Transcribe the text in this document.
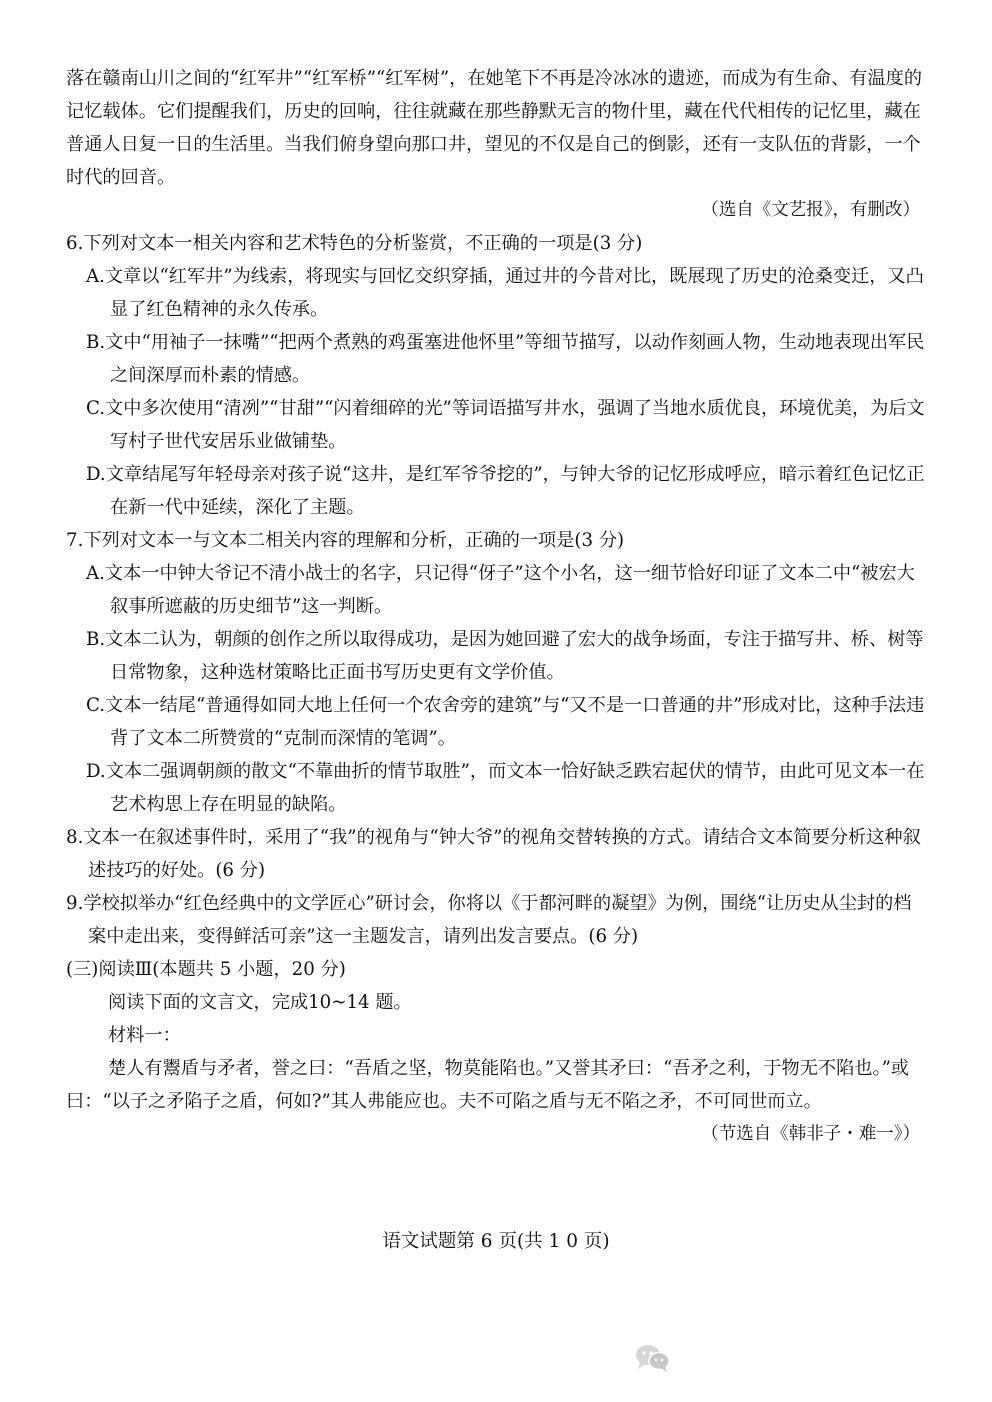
落在赣南山川之间的“红军井”“红军桥”“红军树”，在她笔下不再是冷冰冰的遗迹，而成为有生命、有温度的记忆载体。它们提醒我们，历史的回响，往往就藏在那些静默无言的物什里，藏在代代相传的记忆里，藏在普通人日复一日的生活里。当我们俯身望向那口井，望见的不仅是自己的倒影，还有一支队伍的背影，一个时代的回音。

（选自《文艺报》，有删改）

6.下列对文本一相关内容和艺术特色的分析鉴赏，不正确的一项是(3 分)

A.文章以“红军井”为线索，将现实与回忆交织穿插，通过井的今昔对比，既展现了历史的沧桑变迁，又凸显了红色精神的永久传承。

B.文中“用袖子一抹嘴”“把两个煮熟的鸡蛋塞进他怀里”等细节描写，以动作刻画人物，生动地表现出军民之间深厚而朴素的情感。

C.文中多次使用“清冽”“甘甜”“闪着细碎的光”等词语描写井水，强调了当地水质优良，环境优美，为后文写村子世代安居乐业做铺垫。

D.文章结尾写年轻母亲对孩子说“这井，是红军爷爷挖的”，与钟大爷的记忆形成呼应，暗示着红色记忆正在新一代中延续，深化了主题。

7.下列对文本一与文本二相关内容的理解和分析，正确的一项是(3 分)

A.文本一中钟大爷记不清小战士的名字，只记得“伢子”这个小名，这一细节恰好印证了文本二中“被宏大叙事所遮蔽的历史细节”这一判断。

B.文本二认为，朝颜的创作之所以取得成功，是因为她回避了宏大的战争场面，专注于描写井、桥、树等日常物象，这种选材策略比正面书写历史更有文学价值。

C.文本一结尾“普通得如同大地上任何一个农舍旁的建筑”与“又不是一口普通的井”形成对比，这种手法违背了文本二所赞赏的“克制而深情的笔调”。

D.文本二强调朝颜的散文“不靠曲折的情节取胜”，而文本一恰好缺乏跌宕起伏的情节，由此可见文本一在艺术构思上存在明显的缺陷。

8.文本一在叙述事件时，采用了“我”的视角与“钟大爷”的视角交替转换的方式。请结合文本简要分析这种叙述技巧的好处。(6 分)

9.学校拟举办“红色经典中的文学匠心”研讨会，你将以《于都河畔的凝望》为例，围绕“让历史从尘封的档案中走出来，变得鲜活可亲”这一主题发言，请列出发言要点。(6 分)

(三)阅读Ⅲ(本题共 5 小题，20 分)

阅读下面的文言文，完成10~14 题。

材料一：

楚人有鬻盾与矛者，誉之曰：“吾盾之坚，物莫能陷也。”又誉其矛曰：“吾矛之利，于物无不陷也。”或曰：“以子之矛陷子之盾，何如?”其人弗能应也。夫不可陷之盾与无不陷之矛，不可同世而立。

（节选自《韩非子・难一》）

语文试题第 6 页(共 1 0 页)
